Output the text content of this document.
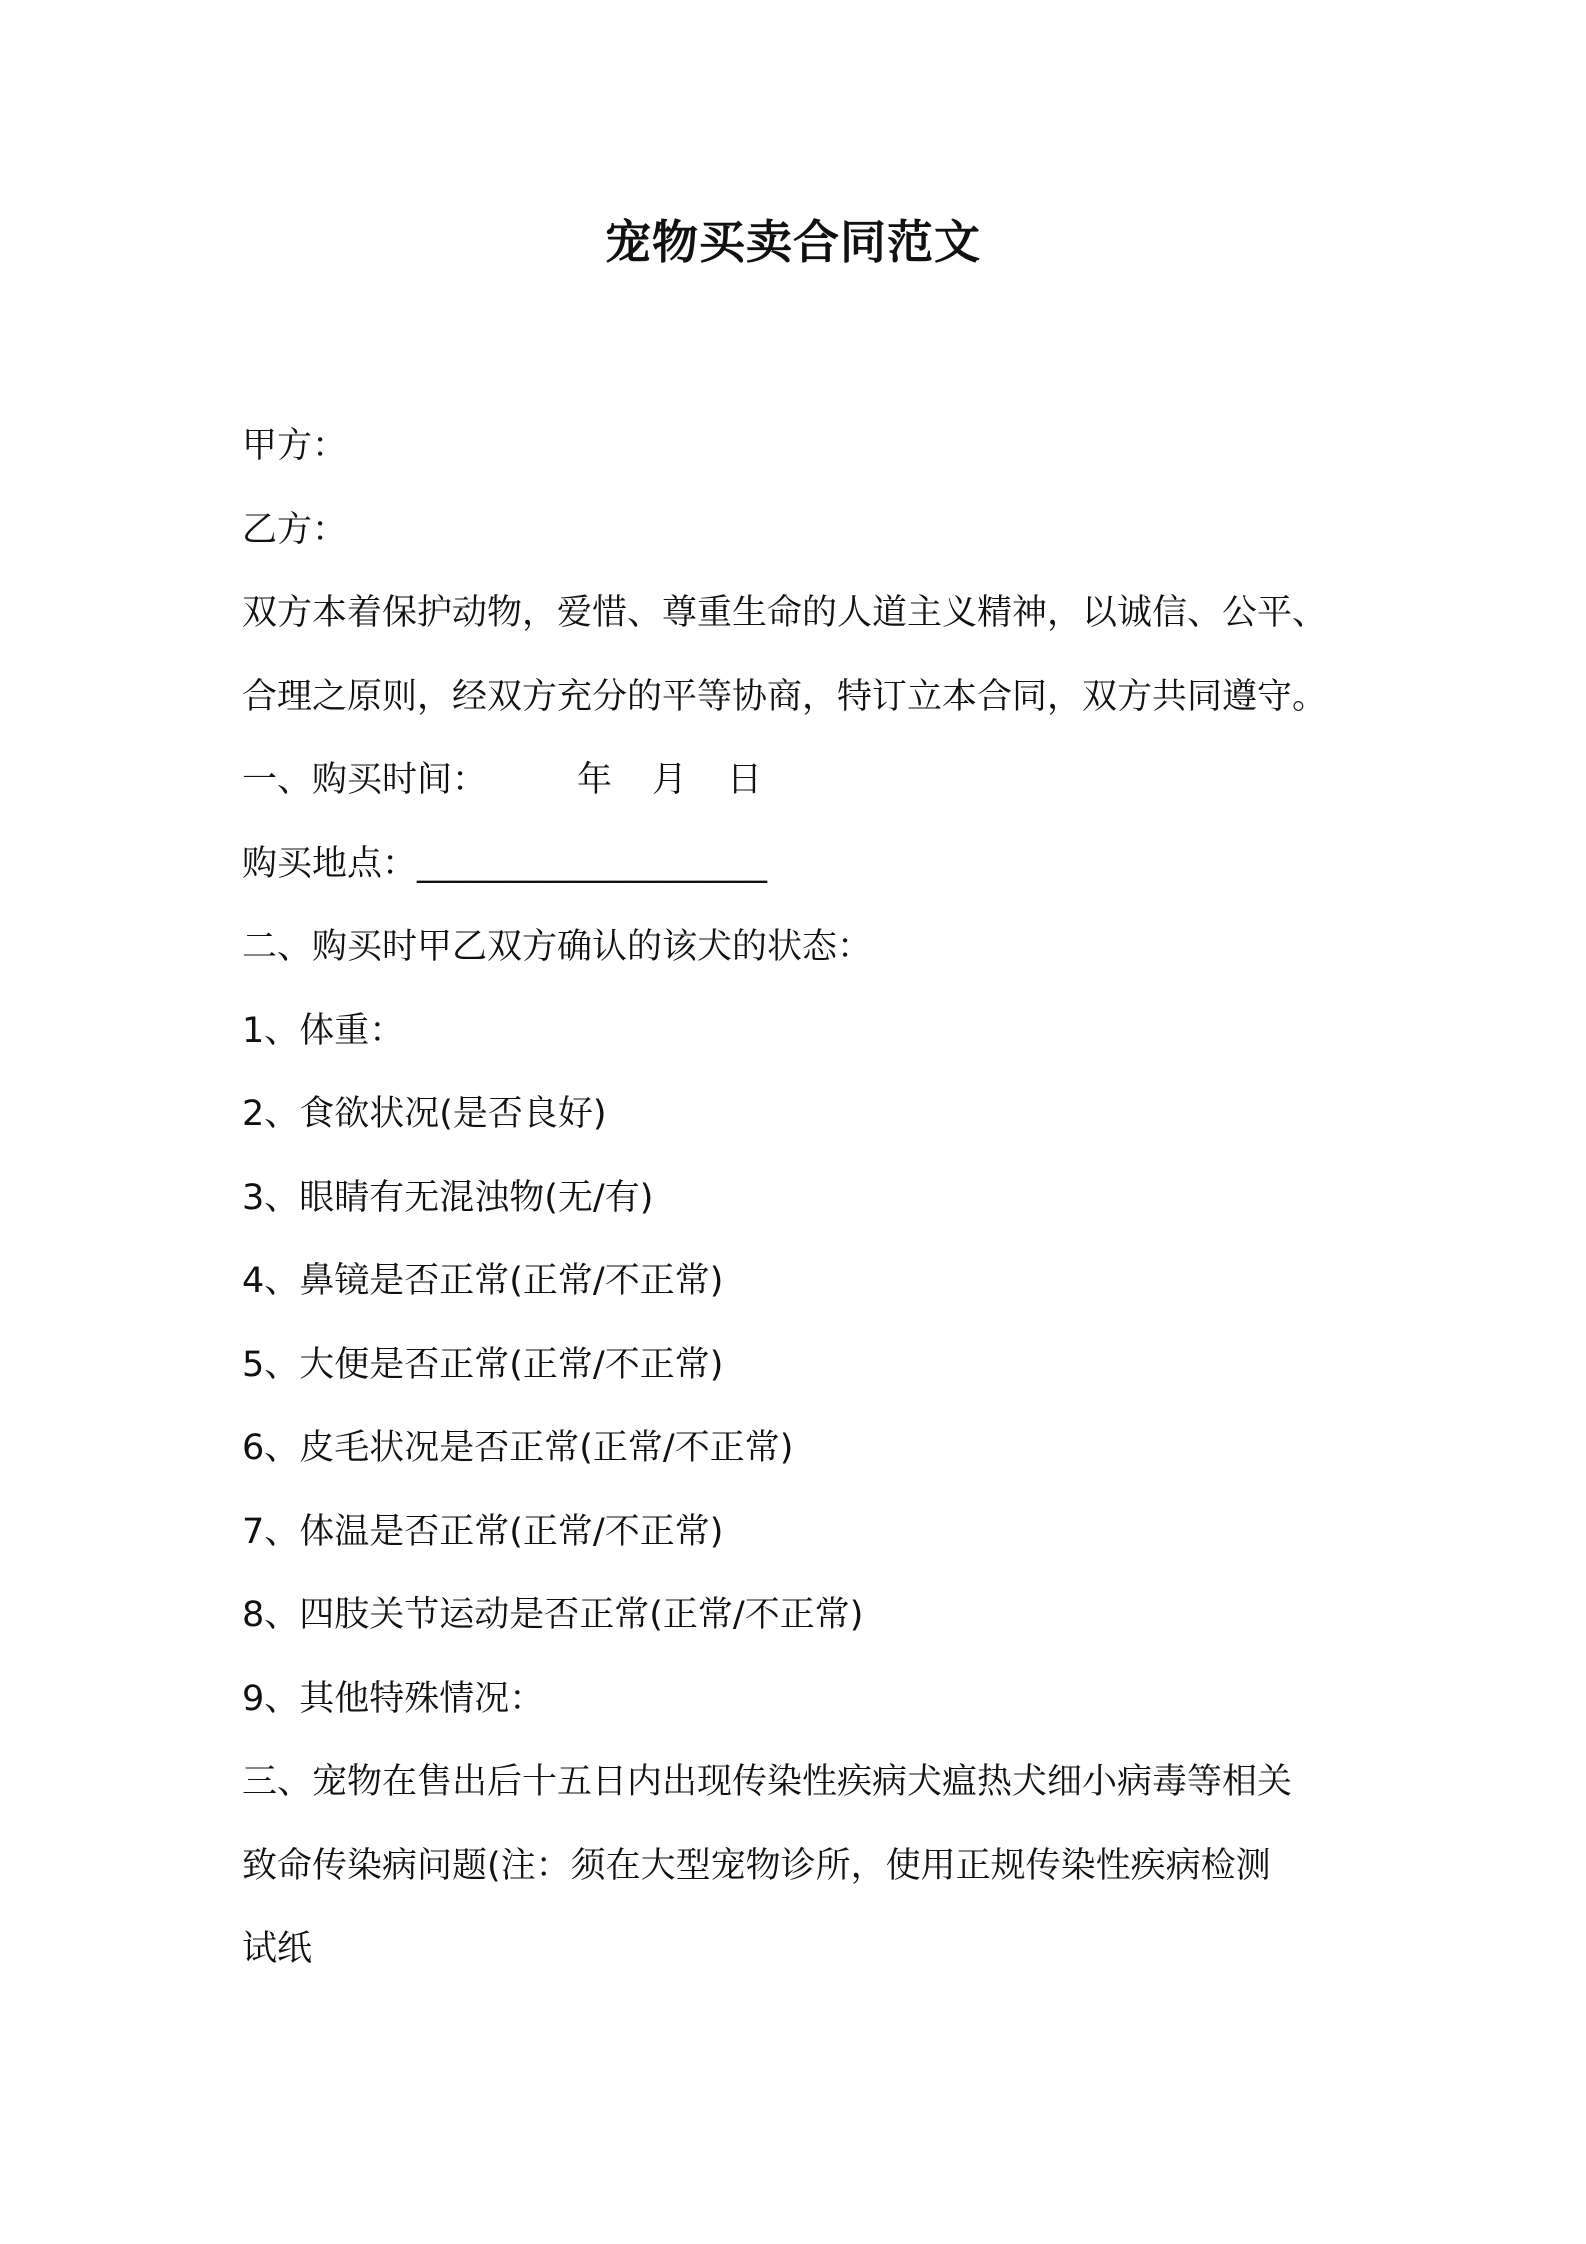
宠物买卖合同范文
甲方：
乙方：
双方本着保护动物，爱惜、尊重生命的人道主义精神，以诚信、公平、
合理之原则，经双方充分的平等协商，特订立本合同，双方共同遵守。
一、购买时间：	年 月 日
购买地点：____________________
二、购买时甲乙双方确认的该犬的状态：
1、体重：
2、食欲状况(是否良好)
3、眼睛有无混浊物(无/有)
4、鼻镜是否正常(正常/不正常)
5、大便是否正常(正常/不正常)
6、皮毛状况是否正常(正常/不正常)
7、体温是否正常(正常/不正常)
8、四肢关节运动是否正常(正常/不正常)
9、其他特殊情况：
三、宠物在售出后十五日内出现传染性疾病犬瘟热犬细小病毒等相关
致命传染病问题(注：须在大型宠物诊所，使用正规传染性疾病检测
试纸
